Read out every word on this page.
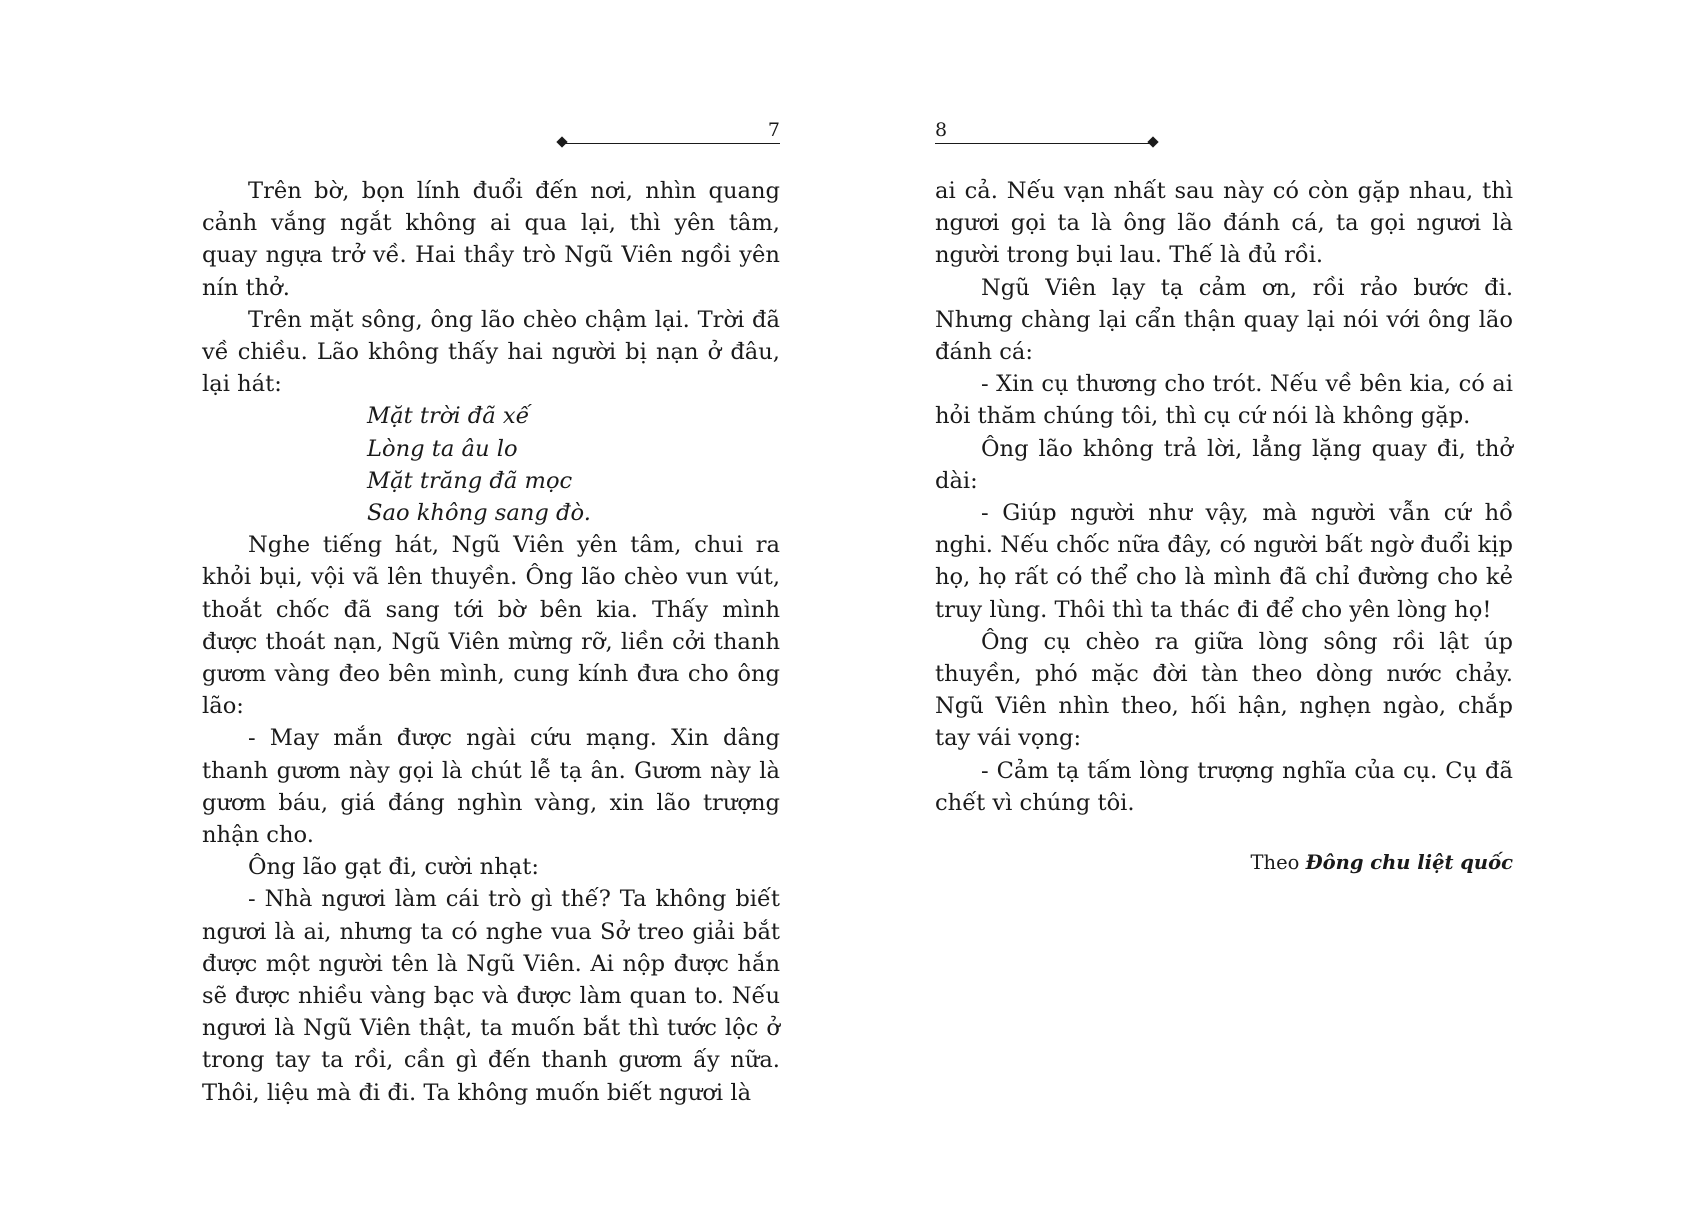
7

Trên bờ, bọn lính đuổi đến nơi, nhìn quang cảnh vắng ngắt không ai qua lại, thì yên tâm, quay ngựa trở về. Hai thầy trò Ngũ Viên ngồi yên nín thở.

Trên mặt sông, ông lão chèo chậm lại. Trời đã về chiều. Lão không thấy hai người bị nạn ở đâu, lại hát:

Mặt trời đã xế
Lòng ta âu lo
Mặt trăng đã mọc
Sao không sang đò.

Nghe tiếng hát, Ngũ Viên yên tâm, chui ra khỏi bụi, vội vã lên thuyền. Ông lão chèo vun vút, thoắt chốc đã sang tới bờ bên kia. Thấy mình được thoát nạn, Ngũ Viên mừng rỡ, liền cởi thanh gươm vàng đeo bên mình, cung kính đưa cho ông lão:

- May mắn được ngài cứu mạng. Xin dâng thanh gươm này gọi là chút lễ tạ ân. Gươm này là gươm báu, giá đáng nghìn vàng, xin lão trượng nhận cho.

Ông lão gạt đi, cười nhạt:

- Nhà ngươi làm cái trò gì thế? Ta không biết ngươi là ai, nhưng ta có nghe vua Sở treo giải bắt được một người tên là Ngũ Viên. Ai nộp được hắn sẽ được nhiều vàng bạc và được làm quan to. Nếu ngươi là Ngũ Viên thật, ta muốn bắt thì tước lộc ở trong tay ta rồi, cần gì đến thanh gươm ấy nữa. Thôi, liệu mà đi đi. Ta không muốn biết ngươi là

8

ai cả. Nếu vạn nhất sau này có còn gặp nhau, thì ngươi gọi ta là ông lão đánh cá, ta gọi ngươi là người trong bụi lau. Thế là đủ rồi.

Ngũ Viên lạy tạ cảm ơn, rồi rảo bước đi. Nhưng chàng lại cẩn thận quay lại nói với ông lão đánh cá:

- Xin cụ thương cho trót. Nếu về bên kia, có ai hỏi thăm chúng tôi, thì cụ cứ nói là không gặp.

Ông lão không trả lời, lẳng lặng quay đi, thở dài:

- Giúp người như vậy, mà người vẫn cứ hồ nghi. Nếu chốc nữa đây, có người bất ngờ đuổi kịp họ, họ rất có thể cho là mình đã chỉ đường cho kẻ truy lùng. Thôi thì ta thác đi để cho yên lòng họ!

Ông cụ chèo ra giữa lòng sông rồi lật úp thuyền, phó mặc đời tàn theo dòng nước chảy. Ngũ Viên nhìn theo, hối hận, nghẹn ngào, chắp tay vái vọng:

- Cảm tạ tấm lòng trượng nghĩa của cụ. Cụ đã chết vì chúng tôi.

Theo Đông chu liệt quốc
